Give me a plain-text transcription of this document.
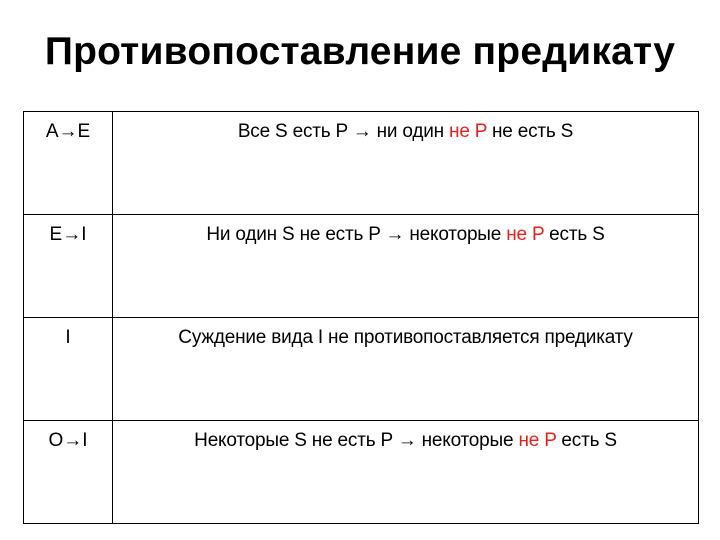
Противопоставление предикату
A→E	Все S есть P → ни один не P не есть S
E→I	Ни один S не есть P → некоторые не P есть S
I	Суждение вида I не противопоставляется предикату
O→I	Некоторые S не есть P → некоторые не P есть S
